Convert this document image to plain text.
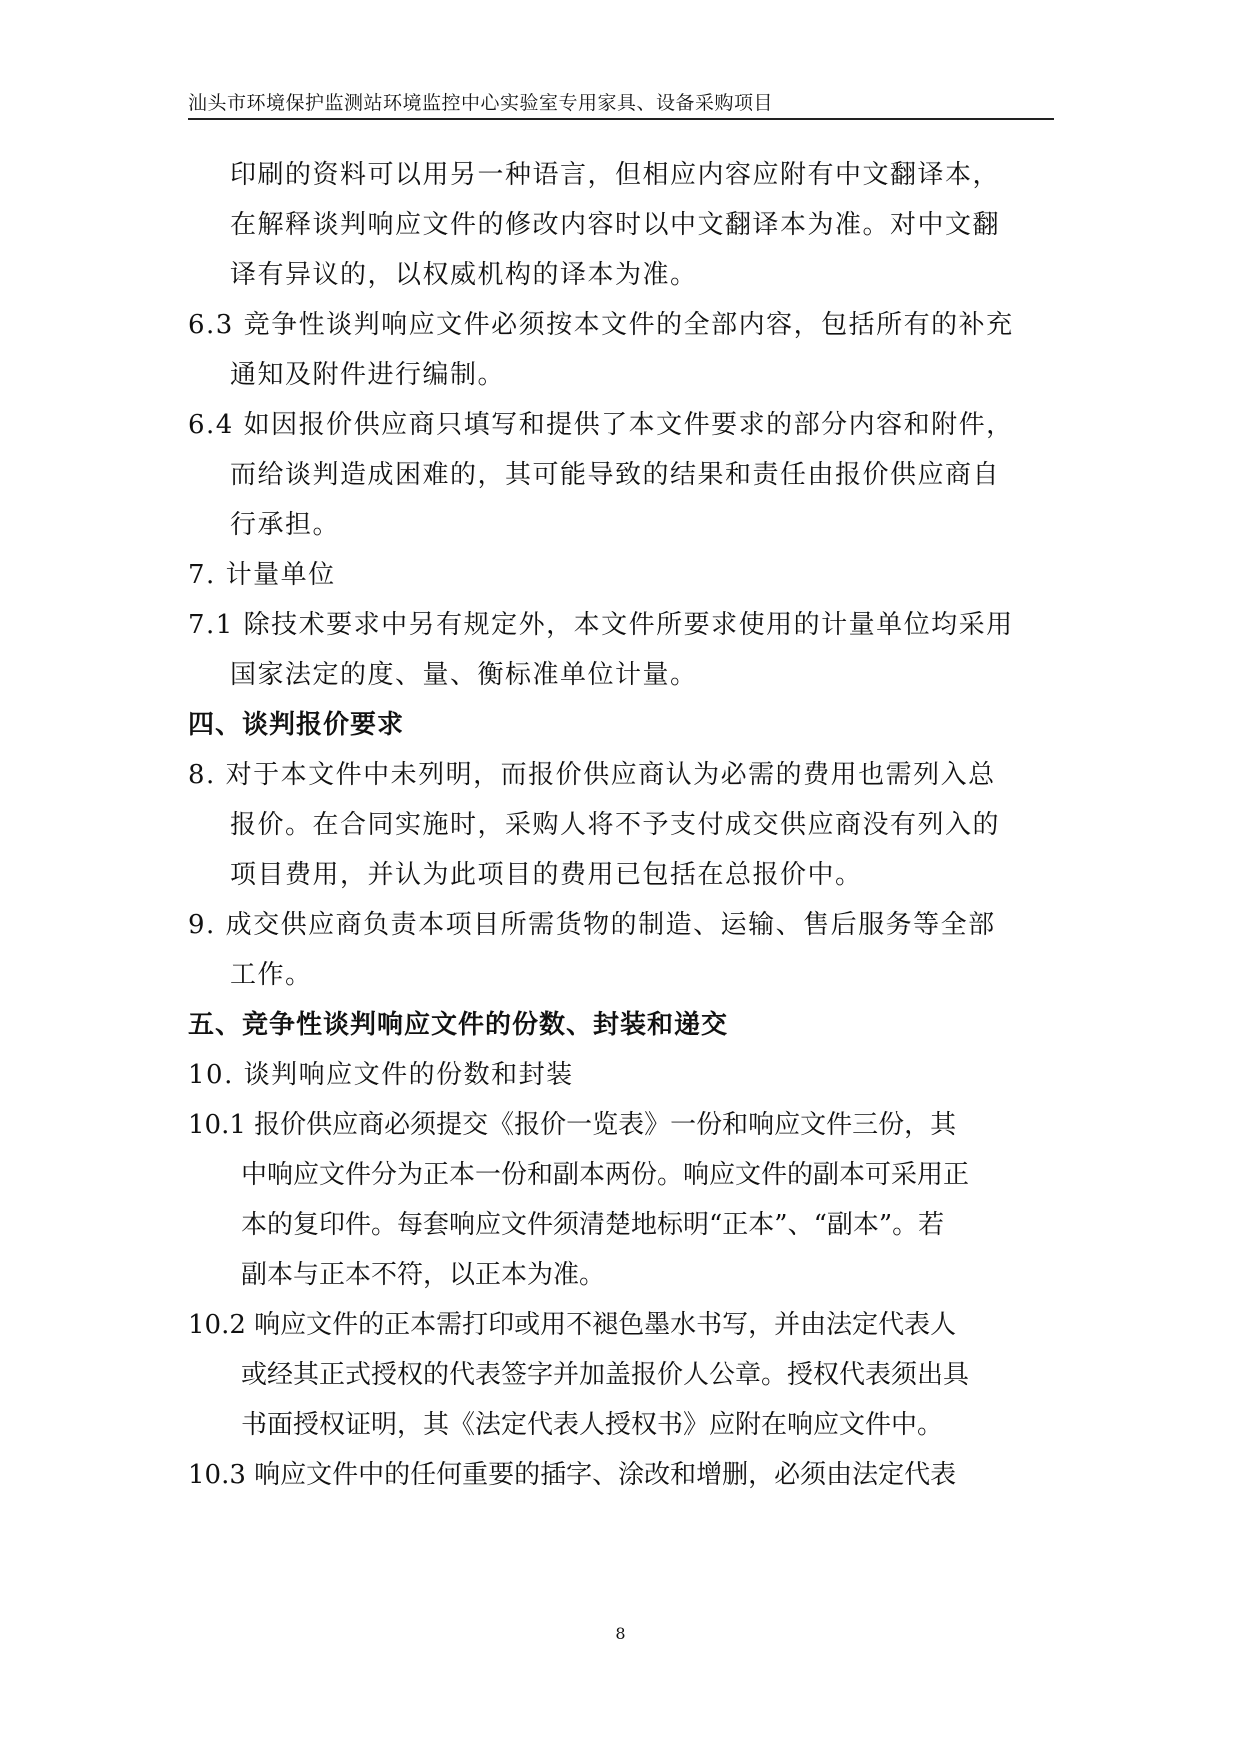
汕头市环境保护监测站环境监控中心实验室专用家具、设备采购项目
印刷的资料可以用另一种语言，但相应内容应附有中文翻译本，
在解释谈判响应文件的修改内容时以中文翻译本为准。对中文翻
译有异议的，以权威机构的译本为准。
6.3 竞争性谈判响应文件必须按本文件的全部内容，包括所有的补充
通知及附件进行编制。
6.4 如因报价供应商只填写和提供了本文件要求的部分内容和附件，
而给谈判造成困难的，其可能导致的结果和责任由报价供应商自
行承担。
7. 计量单位
7.1 除技术要求中另有规定外，本文件所要求使用的计量单位均采用
国家法定的度、量、衡标准单位计量。
四、谈判报价要求
8. 对于本文件中未列明，而报价供应商认为必需的费用也需列入总
报价。在合同实施时，采购人将不予支付成交供应商没有列入的
项目费用，并认为此项目的费用已包括在总报价中。
9. 成交供应商负责本项目所需货物的制造、运输、售后服务等全部
工作。
五、竞争性谈判响应文件的份数、封装和递交
10. 谈判响应文件的份数和封装
10.1 报价供应商必须提交《报价一览表》一份和响应文件三份，其
中响应文件分为正本一份和副本两份。响应文件的副本可采用正
本的复印件。每套响应文件须清楚地标明“正本”、“副本”。若
副本与正本不符，以正本为准。
10.2 响应文件的正本需打印或用不褪色墨水书写，并由法定代表人
或经其正式授权的代表签字并加盖报价人公章。授权代表须出具
书面授权证明，其《法定代表人授权书》应附在响应文件中。
10.3 响应文件中的任何重要的插字、涂改和增删，必须由法定代表
8
